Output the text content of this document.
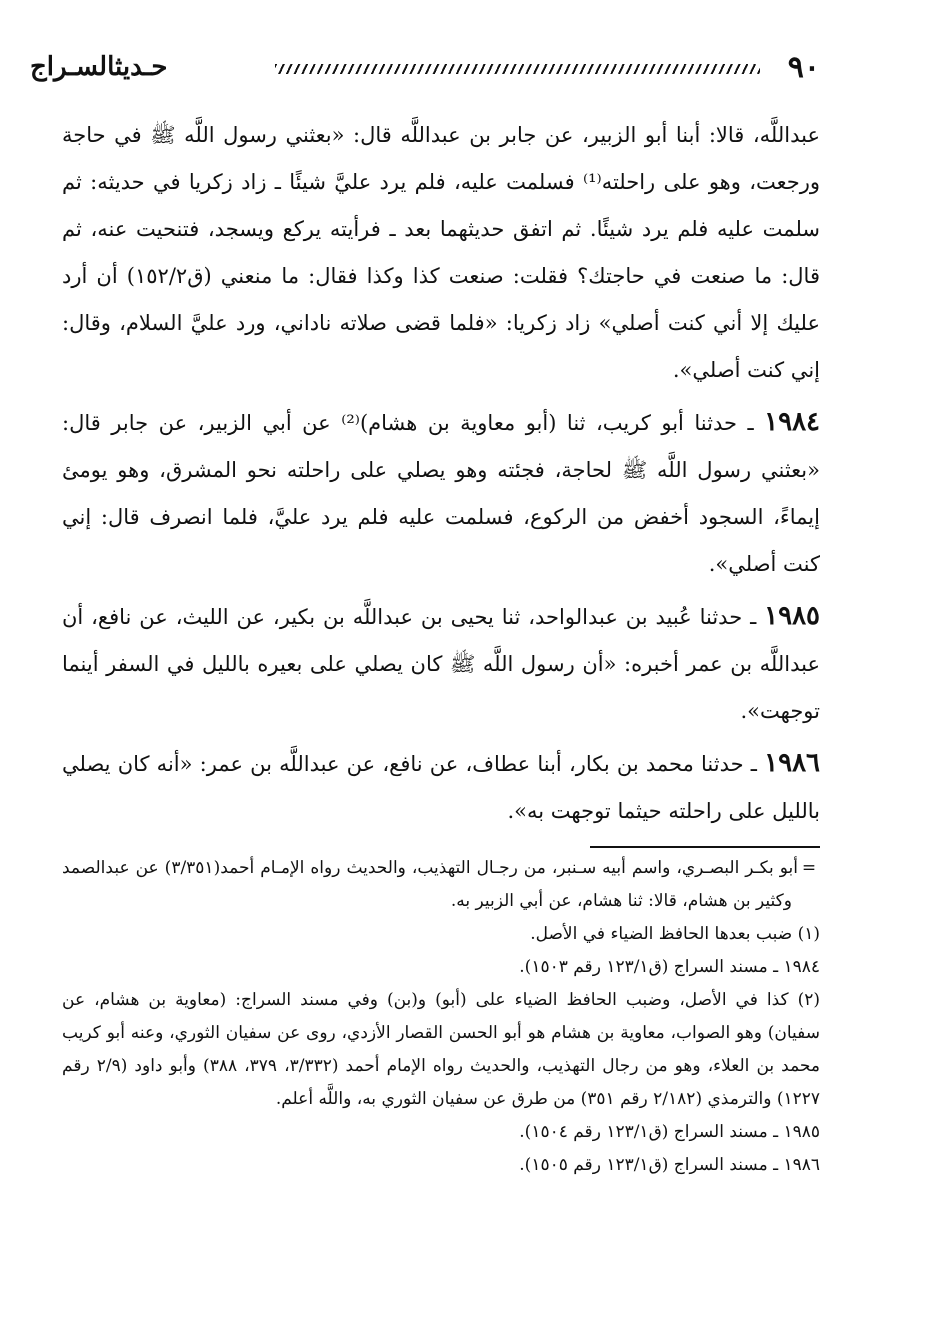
٩٠
حـديثالسـراج

عبداللَّه، قالا: أبنا أبو الزبير، عن جابر بن عبداللَّه قال: «بعثني رسول اللَّه ﷺ في حاجة ورجعت، وهو على راحلته⁽¹⁾ فسلمت عليه، فلم يرد عليَّ شيئًا ـ زاد زكريا في حديثه: ثم سلمت عليه فلم يرد شيئًا. ثم اتفق حديثهما بعد ـ فرأيته يركع ويسجد، فتنحيت عنه، ثم قال: ما صنعت في حاجتك؟ فقلت: صنعت كذا وكذا فقال: ما منعني (ق١٥٢/٢) أن أرد عليك إلا أني كنت أصلي» زاد زكريا: «فلما قضى صلاته ناداني، ورد عليَّ السلام، وقال: إني كنت أصلي».

١٩٨٤ ـ حدثنا أبو كريب، ثنا (أبو معاوية بن هشام)⁽²⁾ عن أبي الزبير، عن جابر قال: «بعثني رسول اللَّه ﷺ لحاجة، فجئته وهو يصلي على راحلته نحو المشرق، وهو يومئ إيماءً، السجود أخفض من الركوع، فسلمت عليه فلم يرد عليَّ، فلما انصرف قال: إني كنت أصلي».

١٩٨٥ ـ حدثنا عُبيد بن عبدالواحد، ثنا يحيى بن عبداللَّه بن بكير، عن الليث، عن نافع، أن عبداللَّه بن عمر أخبره: «أن رسول اللَّه ﷺ كان يصلي على بعيره بالليل في السفر أينما توجهت».

١٩٨٦ ـ حدثنا محمد بن بكار، أبنا عطاف، عن نافع، عن عبداللَّه بن عمر: «أنه كان يصلي بالليل على راحلته حيثما توجهت به».

=أبو بكـر البصـري، واسم أبيه سـنبر، من رجـال التهذيب، والحديث رواه الإمـام أحمد(٣/٣٥١) عن عبدالصمد وكثير بن هشام، قالا: ثنا هشام، عن أبي الزبير به.

(١) ضبب بعدها الحافظ الضياء في الأصل.

١٩٨٤ ـ مسند السراج (ق١٢٣/١ رقم ١٥٠٣).

(٢) كذا في الأصل، وضبب الحافظ الضياء على (أبو) و(بن) وفي مسند السراج: (معاوية بن هشام، عن سفيان) وهو الصواب، معاوية بن هشام هو أبو الحسن القصار الأزدي، روى عن سفيان الثوري، وعنه أبو كريب محمد بن العلاء، وهو من رجال التهذيب، والحديث رواه الإمام أحمد (٣/٣٣٢، ٣٧٩، ٣٨٨) وأبو داود (٢/٩ رقم ١٢٢٧) والترمذي (٢/١٨٢ رقم ٣٥١) من طرق عن سفيان الثوري به، واللَّه أعلم.

١٩٨٥ ـ مسند السراج (ق١٢٣/١ رقم ١٥٠٤).

١٩٨٦ ـ مسند السراج (ق١٢٣/١ رقم ١٥٠٥).
